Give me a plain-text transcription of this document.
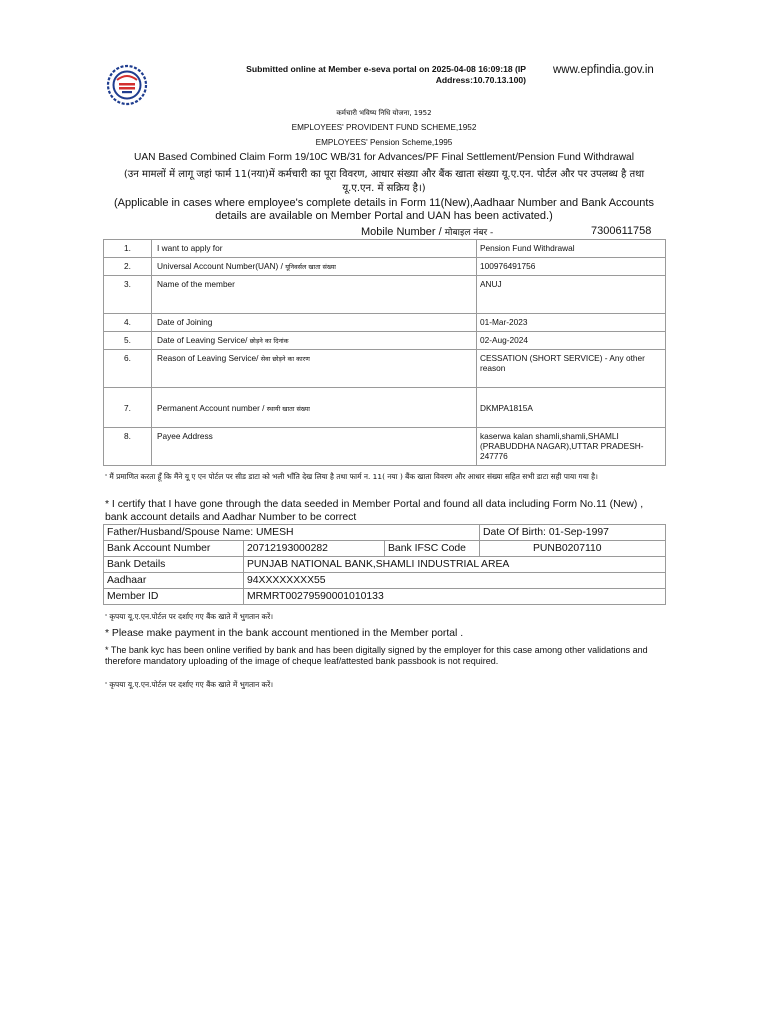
Submitted online at Member e-seva portal on 2025-04-08 16:09:18 (IP Address:10.70.13.100)
www.epfindia.gov.in
कर्मचारी भविष्य निधि योजना, 1952
EMPLOYEES' PROVIDENT FUND SCHEME,1952
EMPLOYEES' Pension Scheme,1995
UAN Based Combined Claim Form 19/10C WB/31 for Advances/PF Final Settlement/Pension Fund Withdrawal
(उन मामलों में लागू जहां फार्म 11(नया)में कर्मचारी का पूरा विवरण, आधार संख्या और बैंक खाता संख्या यू.ए.एन. पोर्टल और पर उपलब्ध है तथा यू.ए.एन. में सक्रिय है।)
(Applicable in cases where employee's complete details in Form 11(New),Aadhaar Number and Bank Accounts details are available on Member Portal and UAN has been activated.)
Mobile Number / मोबाइल नंबर -	7300611758
1.	I want to apply for	Pension Fund Withdrawal
2.	Universal Account Number(UAN) / यूनिवर्सल खाता संख्या	100976491756
3.	Name of the member	ANUJ
4.	Date of Joining	01-Mar-2023
5.	Date of Leaving Service/ छोड़ने का दिनांक	02-Aug-2024
6.	Reason of Leaving Service/ सेवा छोड़ने का कारण	CESSATION (SHORT SERVICE) - Any other reason
7.	Permanent Account number / स्थायी खाता संख्या	DKMPA1815A
8.	Payee Address	kaserwa kalan shamli,shamli,SHAMLI (PRABUDDHA NAGAR),UTTAR PRADESH-247776
' मैं प्रमाणित करता हूँ कि मैंने यू ए एन पोर्टल पर सीड डाटा को भली भाँति देख लिया है तथा फार्म न. 11( नया ) बैंक खाता विवरण और आधार संख्या सहित सभी डाटा सही पाया गया है।
* I certify that I have gone through the data seeded in Member Portal and found all data including Form No.11 (New) , bank account details and Aadhar Number to be correct
Father/Husband/Spouse Name: UMESH			Date Of Birth: 01-Sep-1997
Bank Account Number	20712193000282	Bank IFSC Code	PUNB0207110
Bank Details	PUNJAB NATIONAL BANK,SHAMLI INDUSTRIAL AREA		
Aadhaar	94XXXXXXXX55		
Member ID	MRMRT00279590001010133		
' कृपया यू.ए.एन.पोर्टल पर दर्शाए गए बैंक खाते में भुगतान करें।
* Please make payment in the bank account mentioned in the Member portal .
* The bank kyc has been online verified by bank and has been digitally signed by the employer for this case among other validations and therefore mandatory uploading of the image of cheque leaf/attested bank passbook is not required.
' कृपया यू.ए.एन.पोर्टल पर दर्शाए गए बैंक खाते में भुगतान करें।
